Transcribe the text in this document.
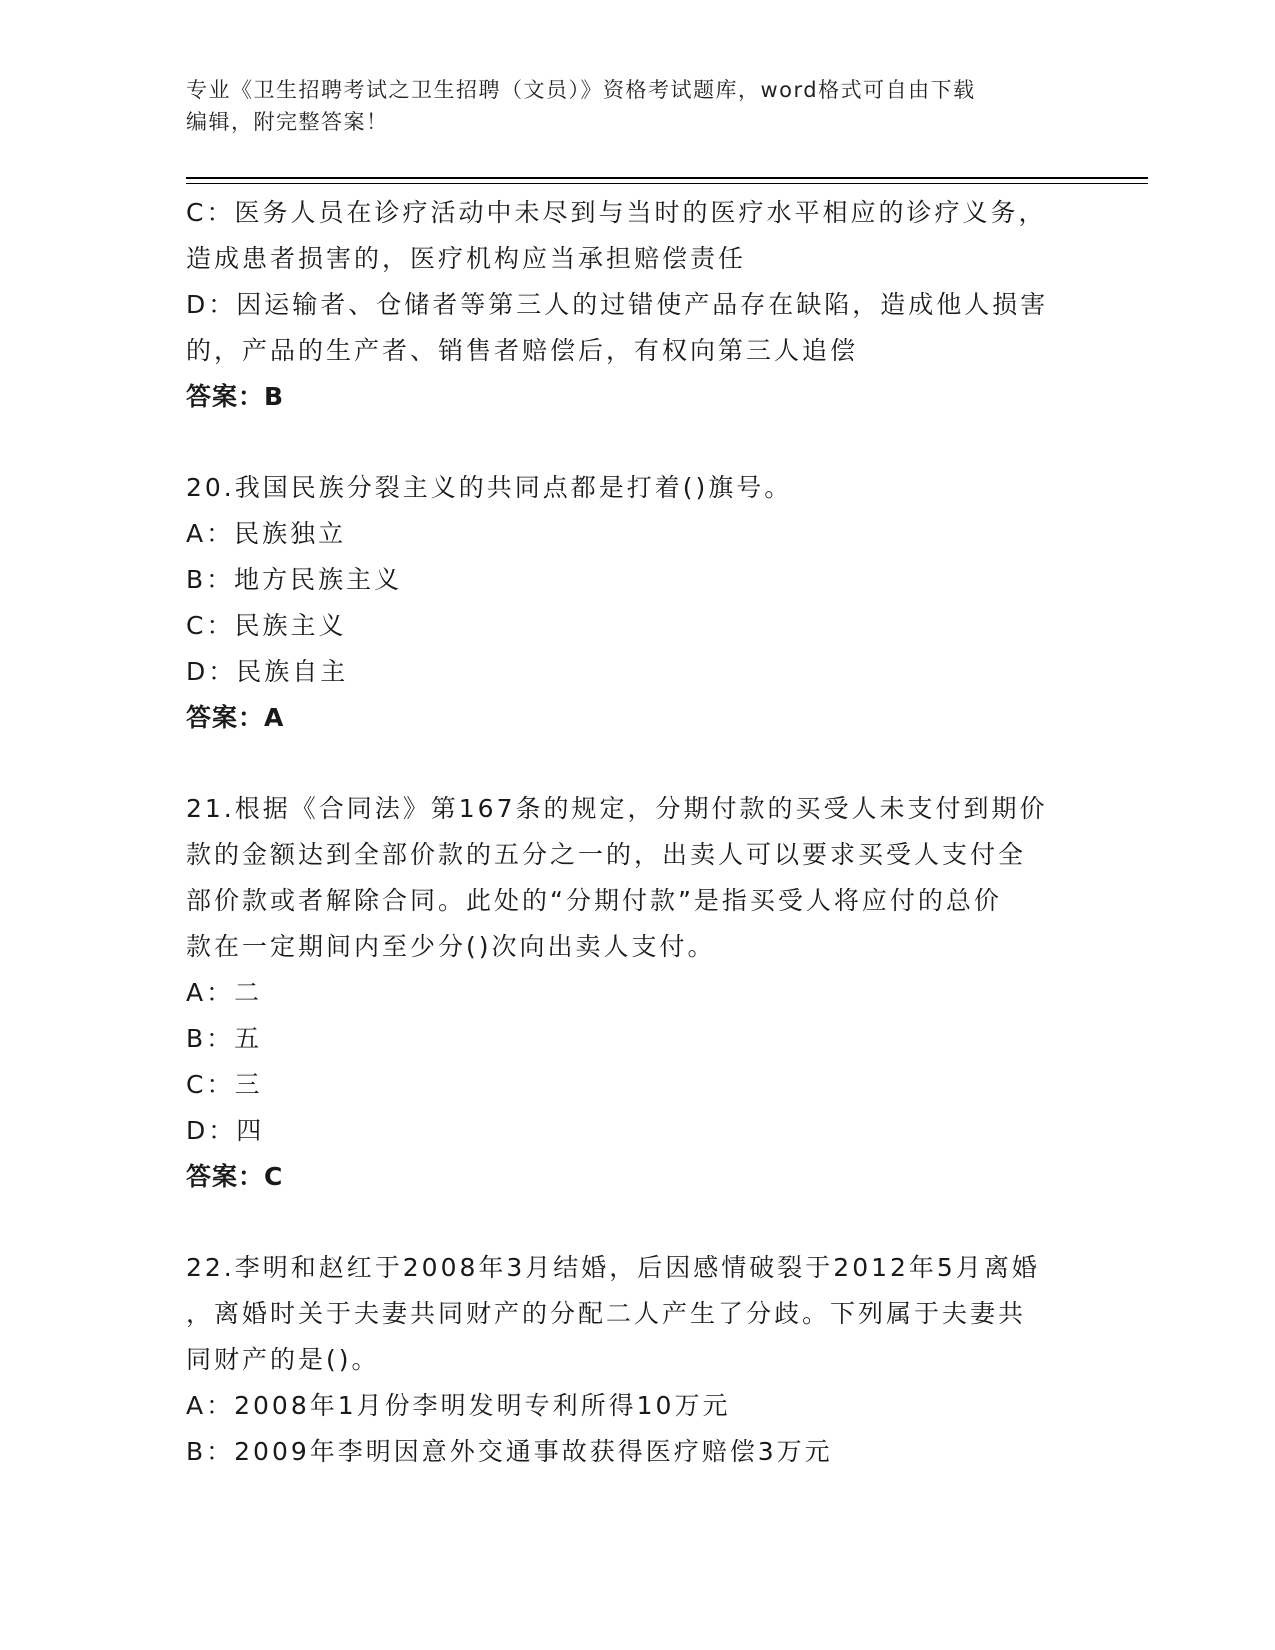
专业《卫生招聘考试之卫生招聘（文员）》资格考试题库，word格式可自由下载
编辑，附完整答案！
C：医务人员在诊疗活动中未尽到与当时的医疗水平相应的诊疗义务，
造成患者损害的，医疗机构应当承担赔偿责任
D：因运输者、仓储者等第三人的过错使产品存在缺陷，造成他人损害
的，产品的生产者、销售者赔偿后，有权向第三人追偿
答案：B
20.我国民族分裂主义的共同点都是打着()旗号。
A：民族独立
B：地方民族主义
C：民族主义
D：民族自主
答案：A
21.根据《合同法》第167条的规定，分期付款的买受人未支付到期价
款的金额达到全部价款的五分之一的，出卖人可以要求买受人支付全
部价款或者解除合同。此处的“分期付款”是指买受人将应付的总价
款在一定期间内至少分()次向出卖人支付。
A：二
B：五
C：三
D：四
答案：C
22.李明和赵红于2008年3月结婚，后因感情破裂于2012年5月离婚
，离婚时关于夫妻共同财产的分配二人产生了分歧。下列属于夫妻共
同财产的是()。
A：2008年1月份李明发明专利所得10万元
B：2009年李明因意外交通事故获得医疗赔偿3万元
